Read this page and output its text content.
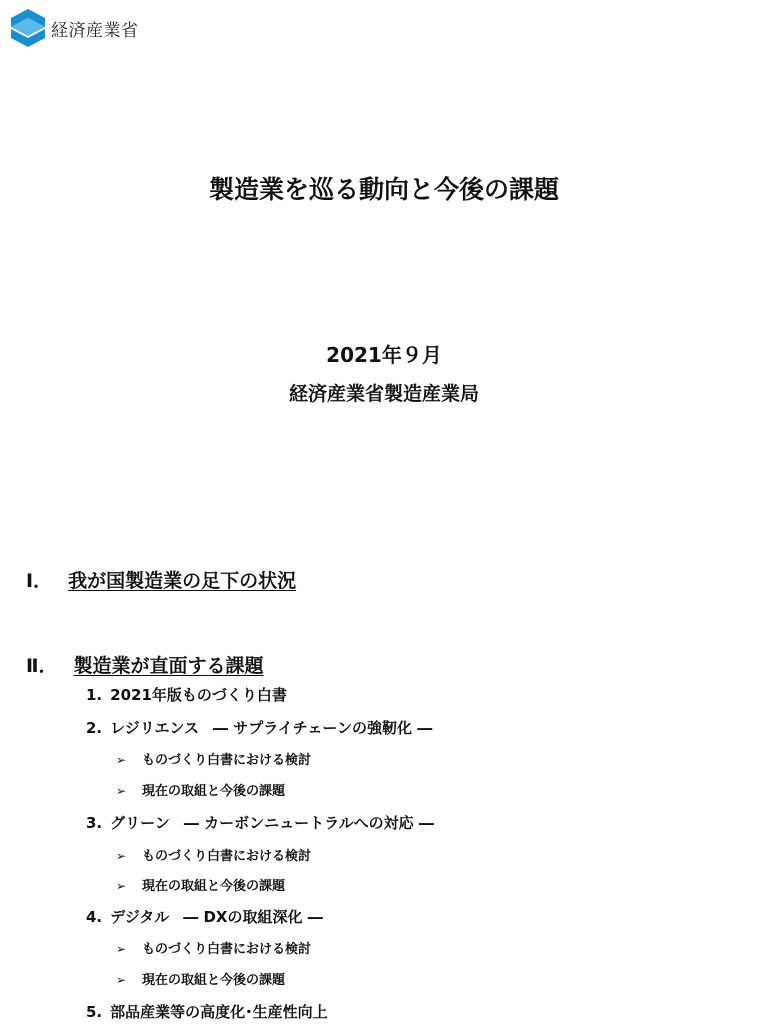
経済産業省
製造業を巡る動向と今後の課題
2021年９月
経済産業省製造産業局
Ⅰ． 我が国製造業の足下の状況
Ⅱ． 製造業が直面する課題
1. 2021年版ものづくり白書
2. レジリエンス ― サプライチェーンの強靭化 ―
➢ ものづくり白書における検討
➢ 現在の取組と今後の課題
3. グリーン ― カーボンニュートラルへの対応 ―
➢ ものづくり白書における検討
➢ 現在の取組と今後の課題
4. デジタル ― DXの取組深化 ―
➢ ものづくり白書における検討
➢ 現在の取組と今後の課題
5. 部品産業等の高度化･生産性向上
